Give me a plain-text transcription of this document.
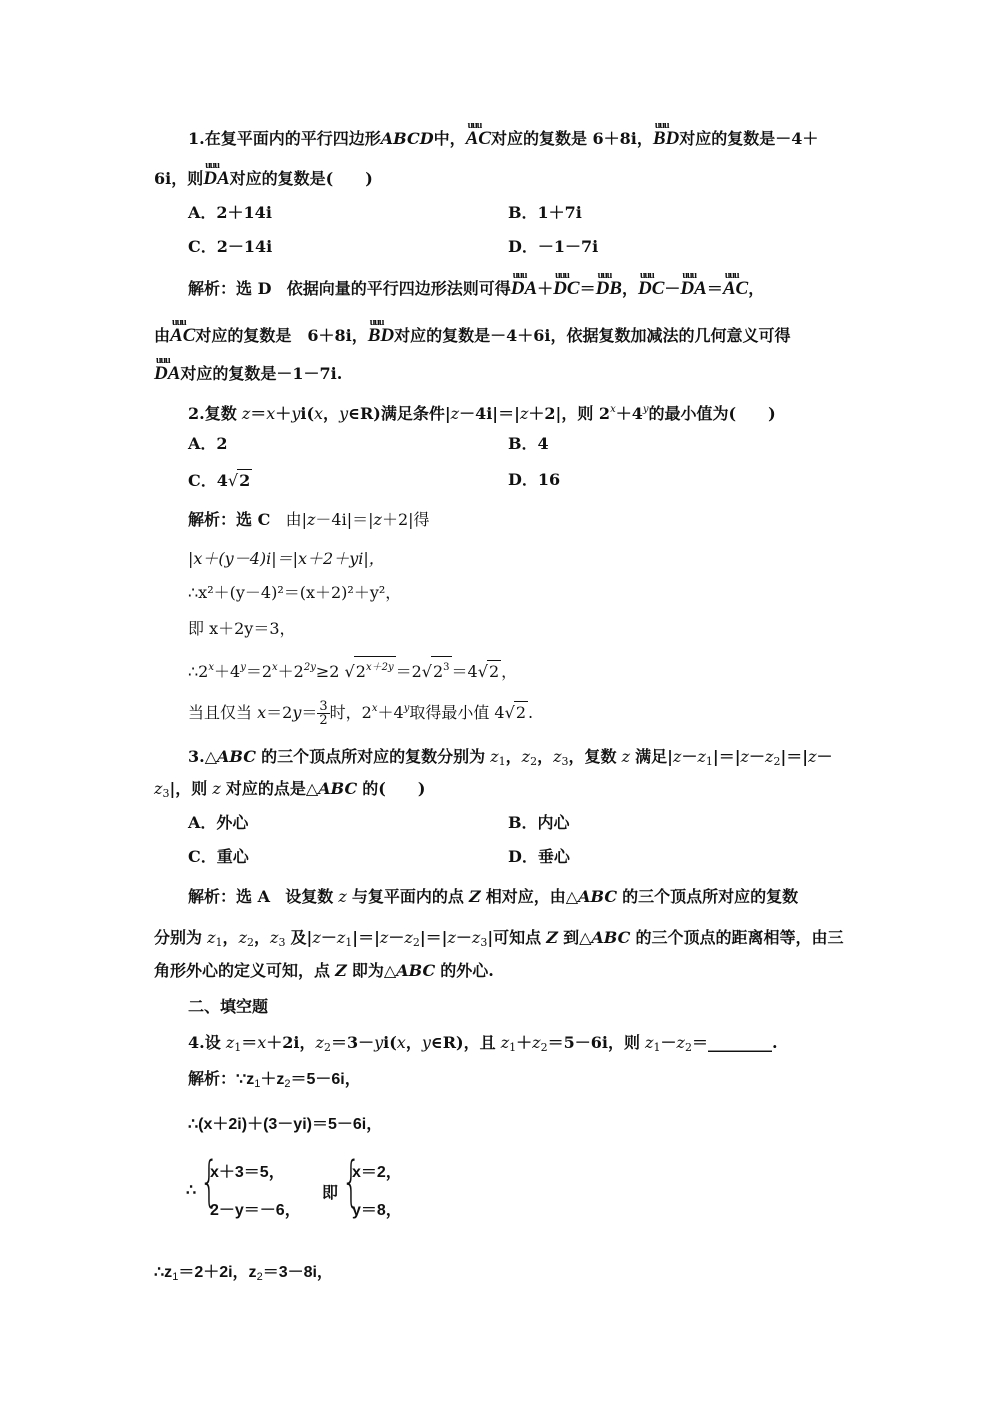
1.在复平面内的平行四边形ABCD中，uuu AC对应的复数是 6＋8i，uuu BD对应的复数是－4＋
6i，则uuu DA对应的复数是(　　)
A．2＋14i	B．1＋7i
C．2－14i	D．－1－7i
解析：选 D 依据向量的平行四边形法则可得uuu DA＋uuu DC＝uuu DB，uuu DC－uuu DA＝uuu AC，
由uuu AC对应的复数是　6＋8i，uuu BD对应的复数是－4＋6i，依据复数加减法的几何意义可得
uuu DA对应的复数是－1－7i.
2.复数 z＝x＋yi(x，y∈R)满足条件|z－4i|＝|z＋2|，则 $2^x+4^y$的最小值为(　　)
A．2	B．4
C．4√2	D．16
解析：选 C 由|z－4i|＝|z＋2|得
|x＋(y－4)i|＝|x＋2＋yi|，
∴x²＋(y－4)²＝(x＋2)²＋y²，
即 x＋2y＝3，
$\therefore 2^x+4^y=2^x+2^{2y}\ge 2$ $√2^{x+2y} =2√2^3 =4√2$ ，
当且仅当 $x=2y= \frac{3}{2}$ 时，$2^x+4^y$取得最小值 4√2 .
3.△ABC 的三个顶点所对应的复数分别为 $z_1$，$z_2$，$z_3$，复数 z 满足$|z-z_1|=|z-z_2|=|z-$
$z_3|$，则 z 对应的点是△ABC 的(　　)
A．外心	B．内心
C．重心	D．垂心
解析：选 A 设复数 z 与复平面内的点 Z 相对应，由△ABC 的三个顶点所对应的复数
分别为 $z_1$，$z_2$，$z_3$ 及$|z-z_1|=|z-z_2|=|z-z_3|$可知点 Z 到△ABC 的三个顶点的距离相等，由三
角形外心的定义可知，点 Z 即为△ABC 的外心.
二、填空题
4.设 $z_1=x+2i$，$z_2=3-yi(x$，y∈R)，且 $z_1+z_2=5-6i$，则 $z_1-z_2=\_\_\_\_\_\_\_\_$.
解析：$\because z_1+z_2=5-6i$，
∴(x＋2i)＋(3－yi)＝5－6i，
∴ {
x＋3＝5，
2－y＝－6，
即 {
x＝2，
y＝8，
$\therefore z_1=2+2i$，$z_2=3-8i$，
